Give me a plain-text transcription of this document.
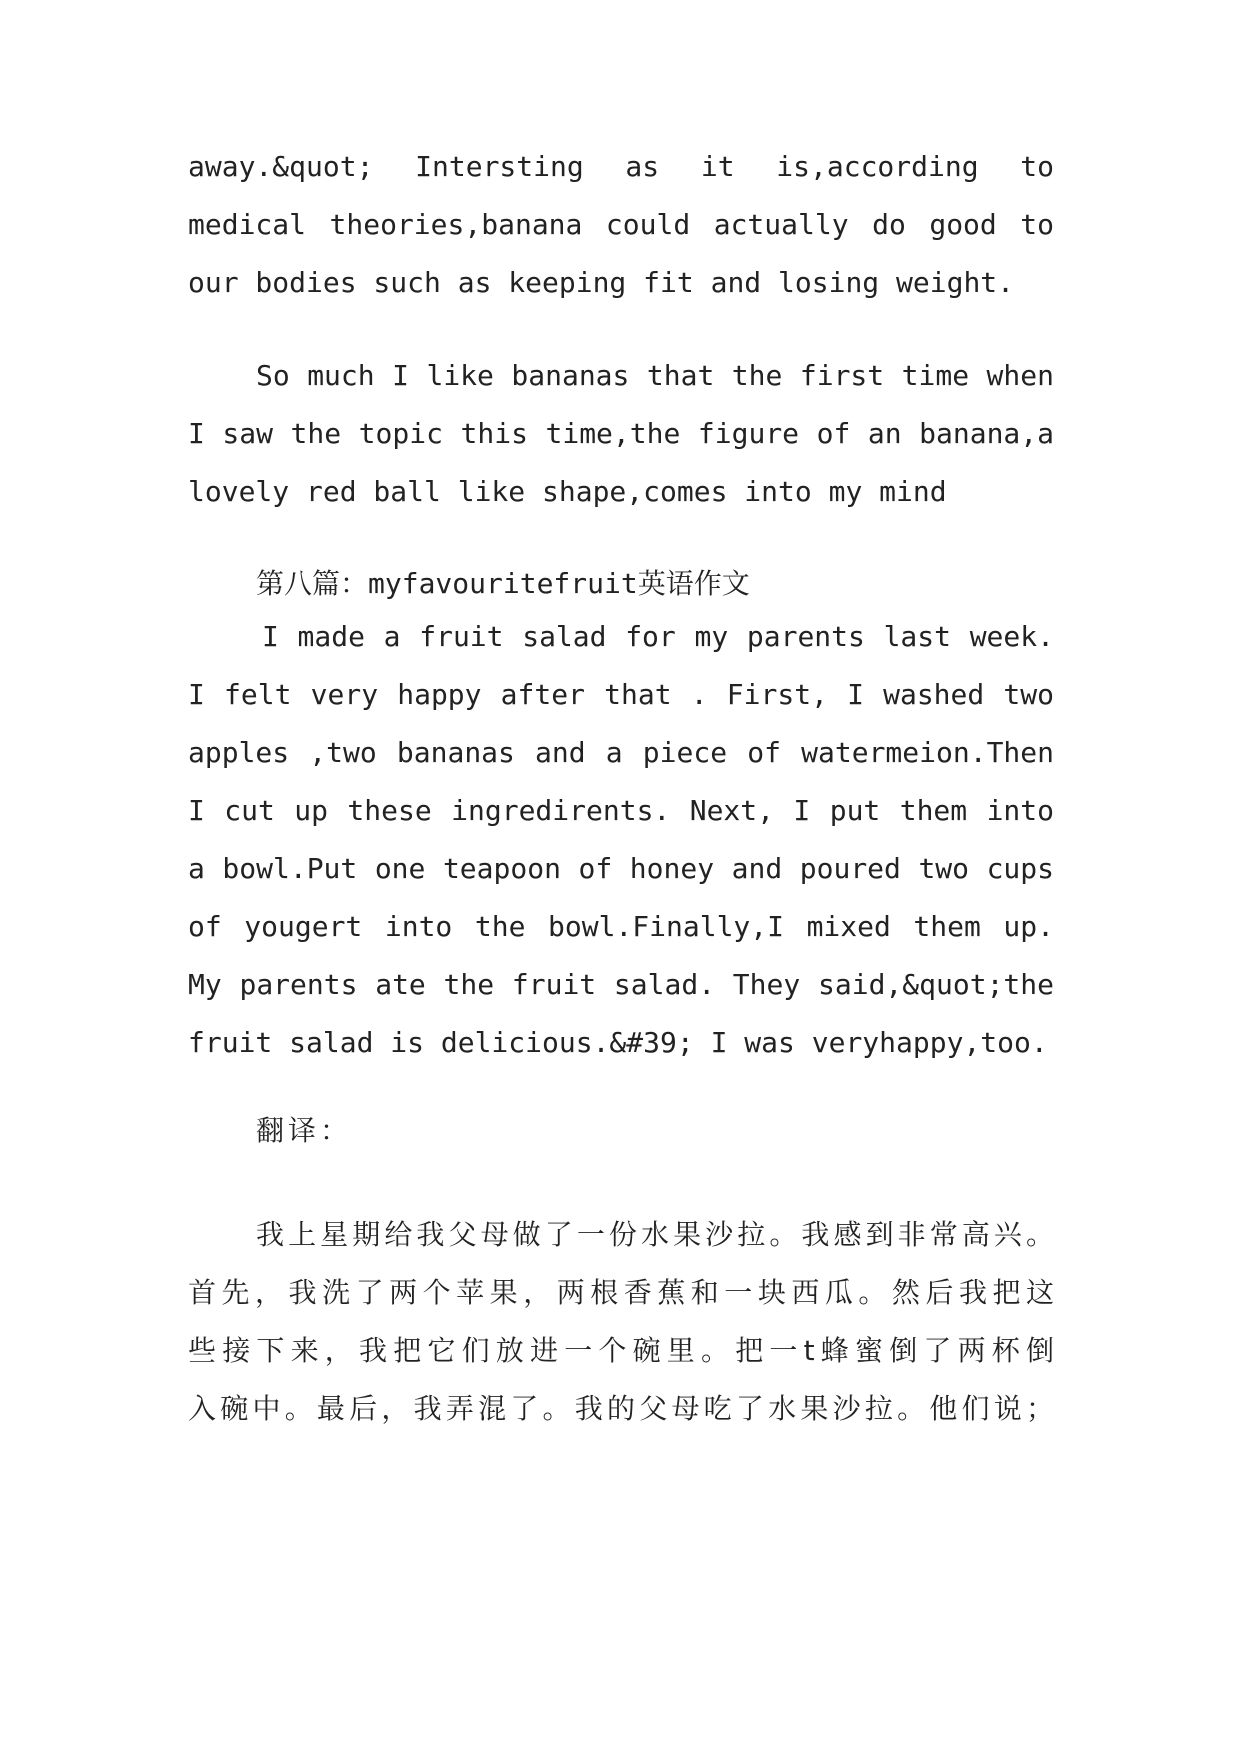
away.&quot; Intersting as it is,according to
medical theories,banana could actually do good to
our bodies such as keeping fit and losing weight.
So much I like bananas that the first time when
I saw the topic this time,the figure of an banana,a
lovely red ball like shape,comes into my mind
第八篇：myfavouritefruit英语作文
I made a fruit salad for my parents last week.
I felt very happy after that . First, I washed two
apples ,two bananas and a piece of watermeion.Then
I cut up these ingredirents. Next, I put them into
a bowl.Put one teapoon of honey and poured two cups
of yougert into the bowl.Finally,I mixed them up.
My parents ate the fruit salad. They said,&quot;the
fruit salad is delicious.&#39; I was veryhappy,too.
翻译：
我上星期给我父母做了一份水果沙拉。我感到非常高兴。
首先，我洗了两个苹果，两根香蕉和一块西瓜。然后我把这
些接下来，我把它们放进一个碗里。把一t蜂蜜倒了两杯倒
入碗中。最后，我弄混了。我的父母吃了水果沙拉。他们说；
